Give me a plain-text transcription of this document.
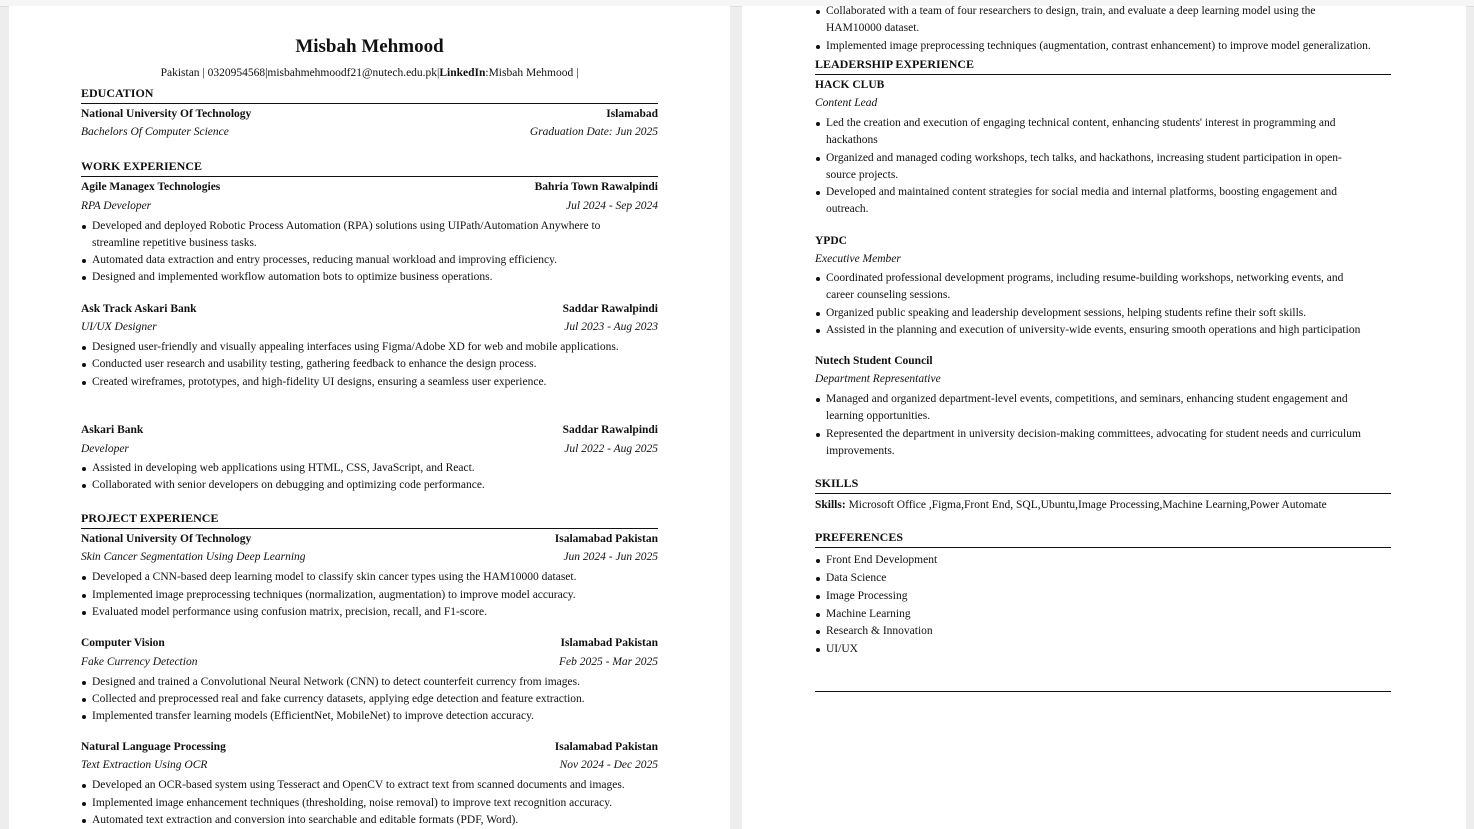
Misbah Mehmood
Pakistan | 0320954568|misbahmehmoodf21@nutech.edu.pk|LinkedIn:Misbah Mehmood |
EDUCATION
National University Of Technology	Islamabad
Bachelors Of Computer Science	Graduation Date: Jun 2025
WORK EXPERIENCE
Agile Managex Technologies	Bahria Town Rawalpindi
RPA Developer	Jul 2024 - Sep 2024
Developed and deployed Robotic Process Automation (RPA) solutions using UIPath/Automation Anywhere to streamline repetitive business tasks.
Automated data extraction and entry processes, reducing manual workload and improving efficiency.
Designed and implemented workflow automation bots to optimize business operations.
Ask Track Askari Bank	Saddar Rawalpindi
UI/UX Designer	Jul 2023 - Aug 2023
Designed user-friendly and visually appealing interfaces using Figma/Adobe XD for web and mobile applications.
Conducted user research and usability testing, gathering feedback to enhance the design process.
Created wireframes, prototypes, and high-fidelity UI designs, ensuring a seamless user experience.
Askari Bank	Saddar Rawalpindi
Developer	Jul 2022 - Aug 2025
Assisted in developing web applications using HTML, CSS, JavaScript, and React.
Collaborated with senior developers on debugging and optimizing code performance.
PROJECT EXPERIENCE
National University Of Technology	Isalamabad Pakistan
Skin Cancer Segmentation Using Deep Learning	Jun 2024 - Jun 2025
Developed a CNN-based deep learning model to classify skin cancer types using the HAM10000 dataset.
Implemented image preprocessing techniques (normalization, augmentation) to improve model accuracy.
Evaluated model performance using confusion matrix, precision, recall, and F1-score.
Computer Vision	Islamabad Pakistan
Fake Currency Detection	Feb 2025 - Mar 2025
Designed and trained a Convolutional Neural Network (CNN) to detect counterfeit currency from images.
Collected and preprocessed real and fake currency datasets, applying edge detection and feature extraction.
Implemented transfer learning models (EfficientNet, MobileNet) to improve detection accuracy.
Natural Language Processing	Isalamabad Pakistan
Text Extraction Using OCR	Nov 2024 - Dec 2025
Developed an OCR-based system using Tesseract and OpenCV to extract text from scanned documents and images.
Implemented image enhancement techniques (thresholding, noise removal) to improve text recognition accuracy.
Automated text extraction and conversion into searchable and editable formats (PDF, Word).
Collaborated with a team of four researchers to design, train, and evaluate a deep learning model using the HAM10000 dataset.
Implemented image preprocessing techniques (augmentation, contrast enhancement) to improve model generalization.
LEADERSHIP EXPERIENCE
HACK CLUB
Content Lead
Led the creation and execution of engaging technical content, enhancing students' interest in programming and hackathons
Organized and managed coding workshops, tech talks, and hackathons, increasing student participation in open-source projects.
Developed and maintained content strategies for social media and internal platforms, boosting engagement and outreach.
YPDC
Executive Member
Coordinated professional development programs, including resume-building workshops, networking events, and career counseling sessions.
Organized public speaking and leadership development sessions, helping students refine their soft skills.
Assisted in the planning and execution of university-wide events, ensuring smooth operations and high participation
Nutech Student Council
Department Representative
Managed and organized department-level events, competitions, and seminars, enhancing student engagement and learning opportunities.
Represented the department in university decision-making committees, advocating for student needs and curriculum improvements.
SKILLS
Skills: Microsoft Office ,Figma,Front End, SQL,Ubuntu,Image Processing,Machine Learning,Power Automate
PREFERENCES
Front End Development
Data Science
Image Processing
Machine Learning
Research & Innovation
UI/UX
